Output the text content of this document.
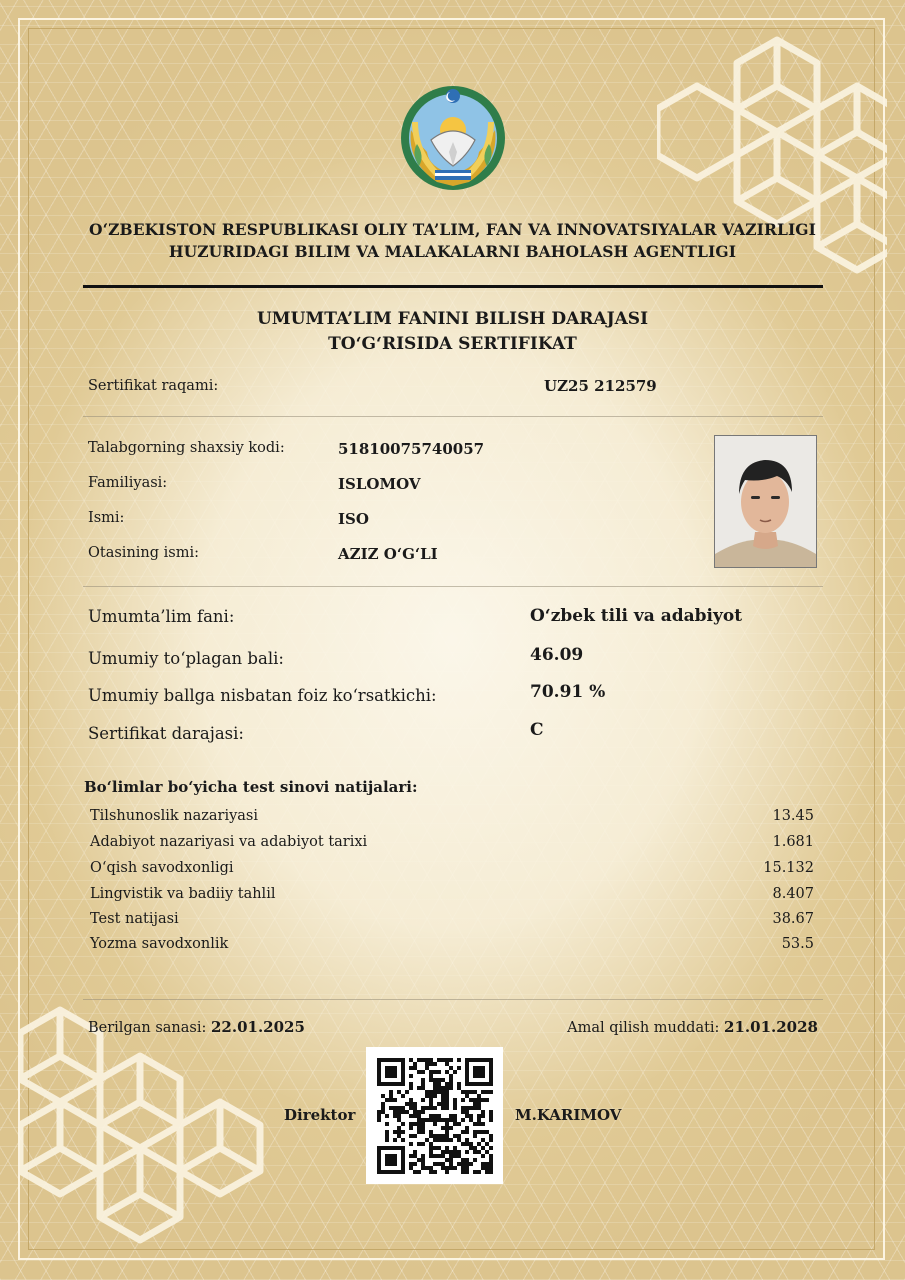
O‘ZBEKISTON RESPUBLIKASI OLIY TA’LIM, FAN VA INNOVATSIYALAR VAZIRLIGI
HUZURIDAGI BILIM VA MALAKALARNI BAHOLASH AGENTLIGI
UMUMTA’LIM FANINI BILISH DARAJASI
TO‘G‘RISIDA SERTIFIKAT
Sertifikat raqami:	UZ25 212579
Talabgorning shaxsiy kodi:	51810075740057
Familiyasi:	ISLOMOV
Ismi:	ISO
Otasining ismi:	AZIZ O‘G‘LI
Umumta’lim fani:	O‘zbek tili va adabiyot
Umumiy to‘plagan bali:	46.09
Umumiy ballga nisbatan foiz ko‘rsatkichi:	70.91 %
Sertifikat darajasi:	C
Bo‘limlar bo‘yicha test sinovi natijalari:
Tilshunoslik nazariyasi	13.45
Adabiyot nazariyasi va adabiyot tarixi	1.681
O‘qish savodxonligi	15.132
Lingvistik va badiiy tahlil	8.407
Test natijasi	38.67
Yozma savodxonlik	53.5
Berilgan sanasi: 22.01.2025	Amal qilish muddati: 21.01.2028
Direktor	M.KARIMOV
